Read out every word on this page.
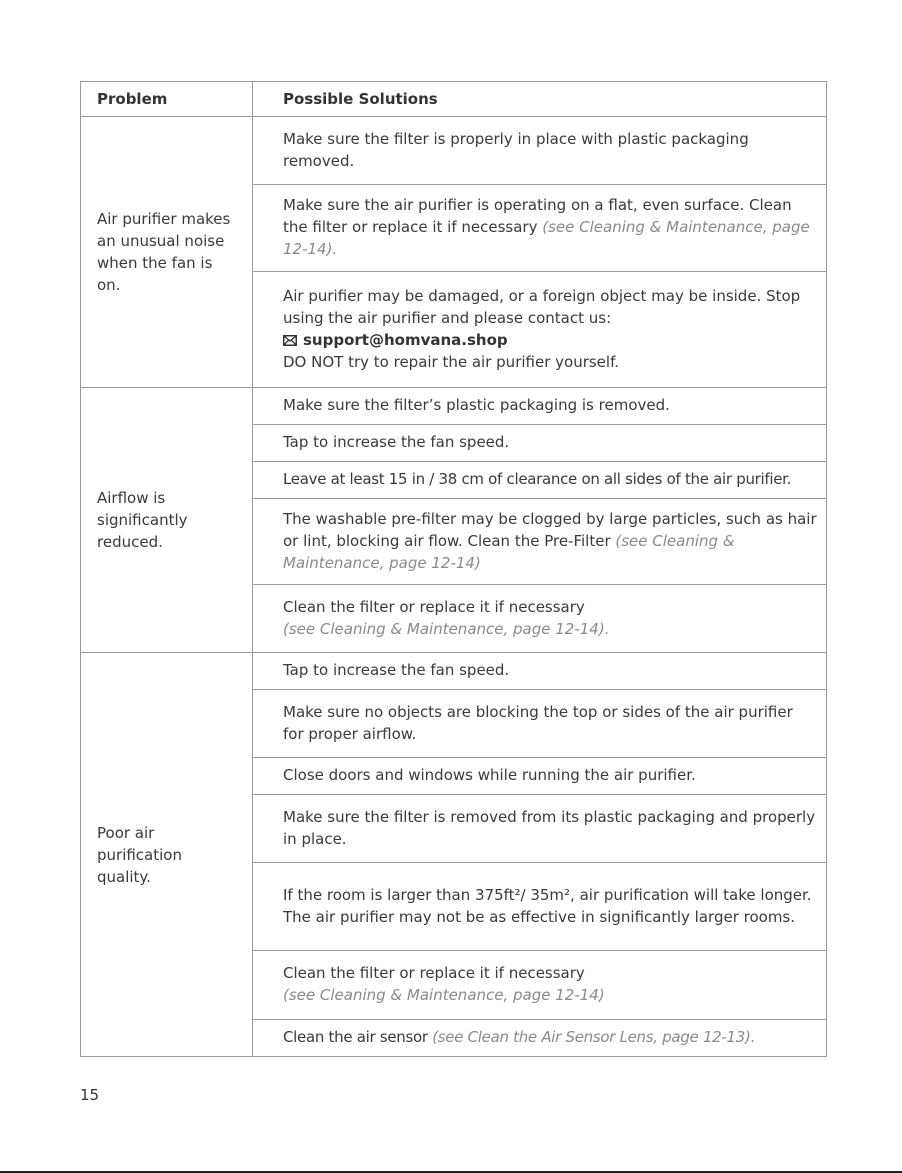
Problem	Possible Solutions
Air purifier makes an unusual noise when the fan is on.	Make sure the filter is properly in place with plastic packaging removed.
	Make sure the air purifier is operating on a flat, even surface. Clean the filter or replace it if necessary (see Cleaning & Maintenance, page 12-14).

	Air purifier may be damaged, or a foreign object may be inside. Stop using the air purifier and please contact us:
support@homvana.shop
DO NOT try to repair the air purifier yourself.

Airflow is significantly reduced.	Make sure the filter’s plastic packaging is removed.
	Tap to increase the fan speed.
	Leave at least 15 in / 38 cm of clearance on all sides of the air purifier.
	The washable pre-filter may be clogged by large particles, such as hair or lint, blocking air flow. Clean the Pre-Filter (see Cleaning & Maintenance, page 12-14)
	Clean the filter or replace it if necessary
(see Cleaning & Maintenance, page 12-14).
Poor air purification quality.	Tap to increase the fan speed.
	Make sure no objects are blocking the top or sides of the air purifier for proper airflow.
	Close doors and windows while running the air purifier.
	Make sure the filter is removed from its plastic packaging and properly in place.
	If the room is larger than 375ft²/ 35m², air purification will take longer. The air purifier may not be as effective in significantly larger rooms.
	Clean the filter or replace it if necessary
(see Cleaning & Maintenance, page 12-14)
	Clean the air sensor (see Clean the Air Sensor Lens, page 12-13).
15
